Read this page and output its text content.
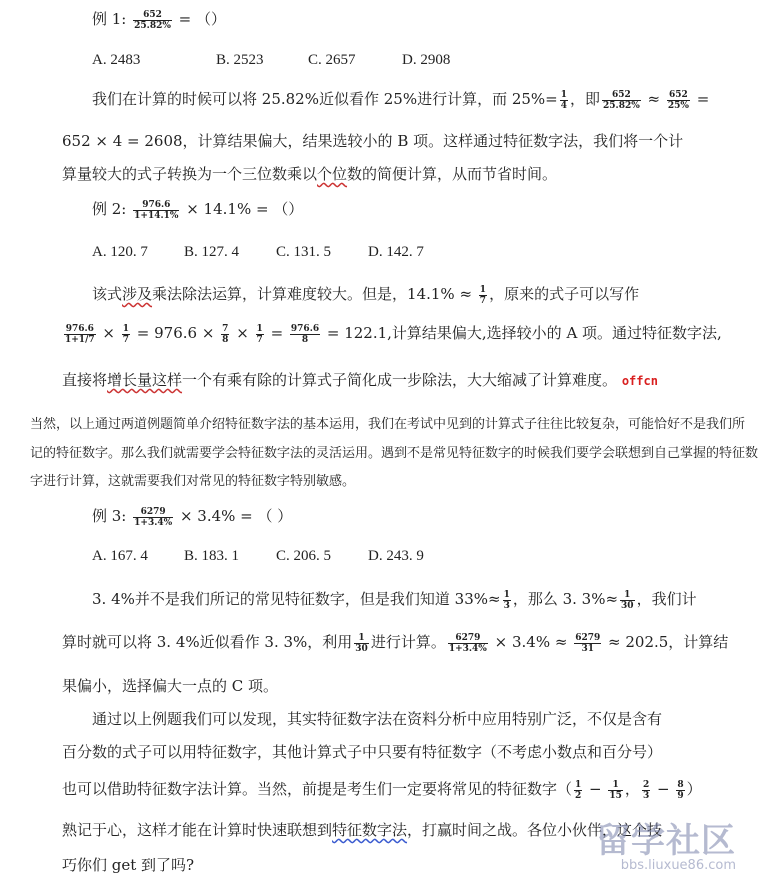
例 1: $\frac{652}{25.82\%}$ = （）
A. 2483	B. 2523	C. 2657	D. 2908
我们在计算的时候可以将 25.82%近似看作 25%进行计算，而 $25\%= \frac{1}{4}$ ，即 $\frac{652}{25.82\%} \approx \frac{652}{25\%}$ =
652 × 4 = 2608，计算结果偏大，结果选较小的 B 项。这样通过特征数字法，我们将一个计
算量较大的式子转换为一个三位数乘以个位数的简便计算，从而节省时间。
例 2: $\frac{976.6}{1+14.1\%} \times 14.1\%$ = （）
A. 120. 7 B. 127. 4 C. 131. 5 D. 142. 7
该式涉及乘法除法运算，计算难度较大。但是，$14.1\% \approx \frac{1}{7}$ ，原来的式子可以写作
$\frac{976.6}{1+1/7} \times \frac{1}{7} = 976.6 \times \frac{7}{8} \times \frac{1}{7} = \frac{976.6}{8} = 122.1$,计算结果偏大,选择较小的 A 项。通过特征数字法,
直接将增长量这样一个有乘有除的计算式子简化成一步除法，大大缩减了计算难度。 offcn
当然，以上通过两道例题简单介绍特征数字法的基本运用，我们在考试中见到的计算式子往往比较复杂，可能恰好不是我们所
记的特征数字。那么我们就需要学会特征数字法的灵活运用。遇到不是常见特征数字的时候我们要学会联想到自己掌握的特征数
字进行计算，这就需要我们对常见的特征数字特别敏感。
例 3: $\frac{6279}{1+3.4\%} \times 3.4\%$ = （ ）
A. 167. 4 B. 183. 1 C. 206. 5 D. 243. 9
3. 4%并不是我们所记的常见特征数字，但是我们知道 $33\%\approx \frac{1}{3}$ ，那么 3. $3\%\approx \frac{1}{30}$ ，我们计
算时就可以将 3. 4%近似看作 3. 3%，利用 $\frac{1}{30}$ 进行计算。 $\frac{6279}{1+3.4\%} \times 3.4\% \approx \frac{6279}{31} \approx 202.5$，计算结
果偏小，选择偏大一点的 C 项。
通过以上例题我们可以发现，其实特征数字法在资料分析中应用特别广泛，不仅是含有
百分数的式子可以用特征数字，其他计算式子中只要有特征数字（不考虑小数点和百分号）
也可以借助特征数字法计算。当然，前提是考生们一定要将常见的特征数字（ $\frac{1}{2} - \frac{1}{15}$ ， $\frac{2}{3} - \frac{8}{9}$ ）
熟记于心，这样才能在计算时快速联想到特征数字法，打赢时间之战。各位小伙伴，这个技
巧你们 get 到了吗?
留学社区
bbs.liuxue86.com
